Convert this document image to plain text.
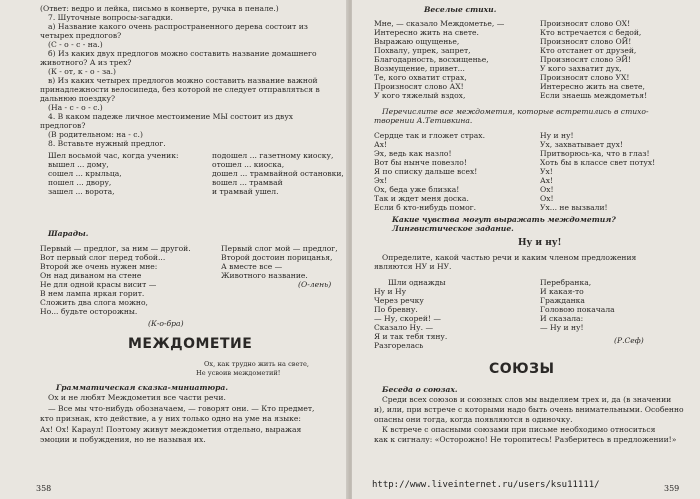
(Ответ: ведро и лейка, письмо в конверте, ручка в пенале.)
7. Шуточные вопросы-загадки.
а) Название какого очень распространенного дерева состоит из
четырех предлогов?
(С - о - с - на.)
б) Из каких двух предлогов можно составить название домашнего
животного? А из трех?
(К - от, к - о - за.)
в) Из каких четырех предлогов можно составить название важной
принадлежности велосипеда, без которой не следует отправляться в
дальнюю поездку?
(На - с - о - с.)
4. В каком падеже личное местоимение МЫ состоит из двух
предлогов?
(В родительном: на - с.)
8. Вставьте нужный предлог.
Шел восьмой час, когда ученик:
вышел ... дому,
сошел ... крыльца,
пошел ... двору,
зашел ... ворота,
подошел ... газетному киоску,
отошел ... киоска,
дошел ... трамвайной остановки,
вошел ... трамвай
и трамвай ушел.
Шарады.
Первый — предлог, за ним — другой.
Вот первый слог перед тобой...
Второй же очень нужен мне:
Он над диваном на стене
Не для одной красы висит —
В нем лампа яркая горит.
Сложить два слога можно,
Но... будьте осторожны.
(К-о-бра)
Первый слог мой — предлог,
Второй достоин порицанья,
А вместе все —
Животного название.
(О-лень)
МЕЖДОМЕТИЕ
Ох, как трудно жить на свете,
Не усвоив междометий!
Грамматическая сказка-миниатюра.
Ох и не любят Междометия все части речи.
— Все мы что-нибудь обозначаем, — говорят они. — Кто предмет,
кто признак, кто действие, а у них только одно на уме на языке:
Ах! Ох! Караул! Поэтому живут междометия отдельно, выражая
эмоции и побуждения, но не называя их.
358
Веселые стихи.
Мне, — сказало Междометье, —
Интересно жить на свете.
Выражаю ощущенье,
Похвалу, упрек, запрет,
Благодарность, восхищенье,
Возмущение, привет...
Те, кого охватит страх,
Произносят слово АХ!
У кого тяжелый вздох,
Произносят слово ОХ!
Кто встречается с бедой,
Произносят слово ОЙ!
Кто отстанет от друзей,
Произносят слово ЭЙ!
У кого захватит дух,
Произносят слово УХ!
Интересно жить на свете,
Если знаешь междометья!
Перечислите все междометия, которые встретились в стихо-
творении А.Тетивкина.
Сердце так и гложет страх.
Ах!
Эх, ведь как назло!
Вот бы нынче повезло!
Я по списку дальше всех!
Эх!
Ох, беда уже близка!
Так и ждет меня доска.
Если б кто-нибудь помог.
Ну и ну!
Ух, захватывает дух!
Притворюсь-ка, что в глаз!
Хоть бы в классе свет потух!
Ух!
Ах!
Ох!
Ох!
Ух... не вызвали!
Какие чувства могут выражать междометия?
Лингвистическое задание.
Ну и ну!
Определите, какой частью речи и каким членом предложения
являются НУ и НУ.
Шли однажды
Ну и Ну
Через речку
По бревну.
— Ну, скорей! —
Сказало Ну. —
Я и так тебя тяну.
Разгорелась
Перебранка,
И какая-то
Гражданка
Головою покачала
И сказала:
— Ну и ну!
(Р.Сеф)
СОЮЗЫ
Беседа о союзах.
Среди всех союзов и союзных слов мы выделяем трех и, да (в значении
и), или, при встрече с которыми надо быть очень внимательными. Особенно
опасны они тогда, когда появляются в одиночку.
К встрече с опасными союзами при письме необходимо относиться
как к сигналу: «Осторожно! Не торопитесь! Разберитесь в предложении!»
359
http://www.liveinternet.ru/users/ksu11111/
